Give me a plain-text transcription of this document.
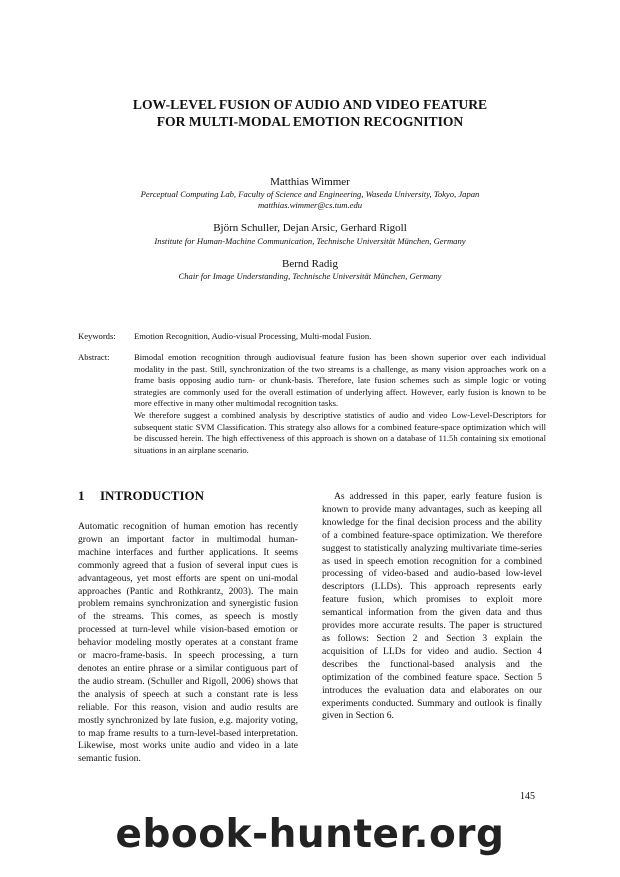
LOW-LEVEL FUSION OF AUDIO AND VIDEO FEATURE
FOR MULTI-MODAL EMOTION RECOGNITION
Matthias Wimmer
Perceptual Computing Lab, Faculty of Science and Engineering, Waseda University, Tokyo, Japan
matthias.wimmer@cs.tum.edu
Björn Schuller, Dejan Arsic, Gerhard Rigoll
Institute for Human-Machine Communication, Technische Universität München, Germany
Bernd Radig
Chair for Image Understanding, Technische Universität München, Germany
Keywords: Emotion Recognition, Audio-visual Processing, Multi-modal Fusion.
Abstract:	Bimodal emotion recognition through audiovisual feature fusion has been shown superior over each individual modality in the past. Still, synchronization of the two streams is a challenge, as many vision approaches work on a frame basis opposing audio turn- or chunk-basis. Therefore, late fusion schemes such as simple logic or voting strategies are commonly used for the overall estimation of underlying affect. However, early fusion is known to be more effective in many other multimodal recognition tasks.

We therefore suggest a combined analysis by descriptive statistics of audio and video Low-Level-Descriptors for subsequent static SVM Classification. This strategy also allows for a combined feature-space optimization which will be discussed herein. The high effectiveness of this approach is shown on a database of 11.5h containing six emotional situations in an airplane scenario.

1 INTRODUCTION

Automatic recognition of human emotion has recently grown an important factor in multimodal human-machine interfaces and further applications. It seems commonly agreed that a fusion of several input cues is advantageous, yet most efforts are spent on uni-modal approaches (Pantic and Rothkrantz, 2003). The main problem remains synchronization and synergistic fusion of the streams. This comes, as speech is mostly processed at turn-level while vision-based emotion or behavior modeling mostly operates at a constant frame or macro-frame-basis. In speech processing, a turn denotes an entire phrase or a similar contiguous part of the audio stream. (Schuller and Rigoll, 2006) shows that the analysis of speech at such a constant rate is less reliable. For this reason, vision and audio results are mostly synchronized by late fusion, e.g. majority voting, to map frame results to a turn-level-based interpretation. Likewise, most works unite audio and video in a late semantic fusion.

As addressed in this paper, early feature fusion is known to provide many advantages, such as keeping all knowledge for the final decision process and the ability of a combined feature-space optimization. We therefore suggest to statistically analyzing multivariate time-series as used in speech emotion recognition for a combined processing of video-based and audio-based low-level descriptors (LLDs). This approach represents early feature fusion, which promises to exploit more semantical information from the given data and thus provides more accurate results. The paper is structured as follows: Section 2 and Section 3 explain the acquisition of LLDs for video and audio. Section 4 describes the functional-based analysis and the optimization of the combined feature space. Section 5 introduces the evaluation data and elaborates on our experiments conducted. Summary and outlook is finally given in Section 6.

145
ebook-hunter.org
